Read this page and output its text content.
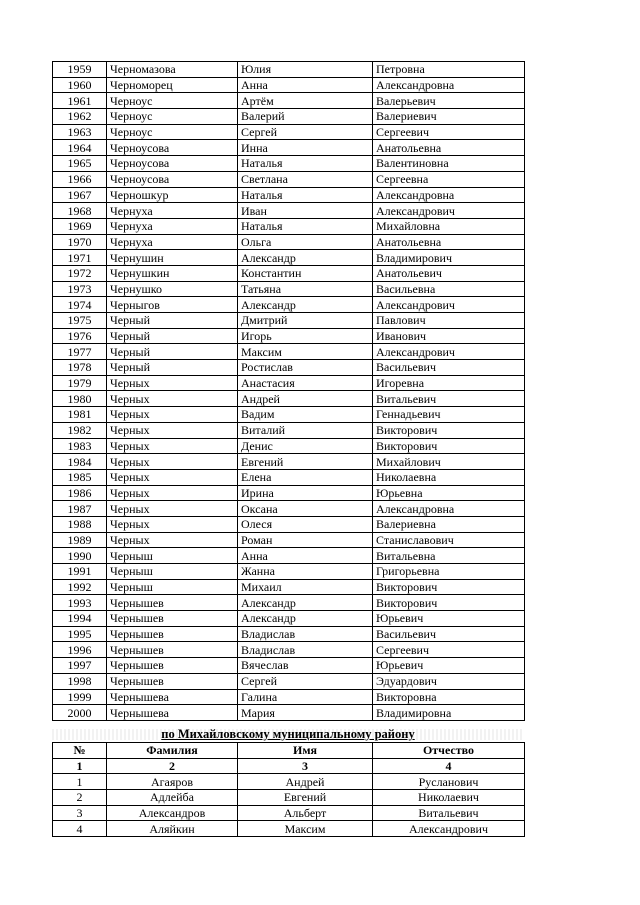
1959	Черномазова	Юлия	Петровна
1960	Черноморец	Анна	Александровна
1961	Черноус	Артём	Валерьевич
1962	Черноус	Валерий	Валериевич
1963	Черноус	Сергей	Сергеевич
1964	Черноусова	Инна	Анатольевна
1965	Черноусова	Наталья	Валентиновна
1966	Черноусова	Светлана	Сергеевна
1967	Черношкур	Наталья	Александровна
1968	Чернуха	Иван	Александрович
1969	Чернуха	Наталья	Михайловна
1970	Чернуха	Ольга	Анатольевна
1971	Чернушин	Александр	Владимирович
1972	Чернушкин	Константин	Анатольевич
1973	Чернушко	Татьяна	Васильевна
1974	Черныгов	Александр	Александрович
1975	Черный	Дмитрий	Павлович
1976	Черный	Игорь	Иванович
1977	Черный	Максим	Александрович
1978	Черный	Ростислав	Васильевич
1979	Черных	Анастасия	Игоревна
1980	Черных	Андрей	Витальевич
1981	Черных	Вадим	Геннадьевич
1982	Черных	Виталий	Викторович
1983	Черных	Денис	Викторович
1984	Черных	Евгений	Михайлович
1985	Черных	Елена	Николаевна
1986	Черных	Ирина	Юрьевна
1987	Черных	Оксана	Александровна
1988	Черных	Олеся	Валериевна
1989	Черных	Роман	Станиславович
1990	Черныш	Анна	Витальевна
1991	Черныш	Жанна	Григорьевна
1992	Черныш	Михаил	Викторович
1993	Чернышев	Александр	Викторович
1994	Чернышев	Александр	Юрьевич
1995	Чернышев	Владислав	Васильевич
1996	Чернышев	Владислав	Сергеевич
1997	Чернышев	Вячеслав	Юрьевич
1998	Чернышев	Сергей	Эдуардович
1999	Чернышева	Галина	Викторовна
2000	Чернышева	Мария	Владимировна
по Михайловскому муниципальному району
№	Фамилия	Имя	Отчество
1	2	3	4
1	Агаяров	Андрей	Русланович
2	Адлейба	Евгений	Николаевич
3	Александров	Альберт	Витальевич
4	Аляйкин	Максим	Александрович
